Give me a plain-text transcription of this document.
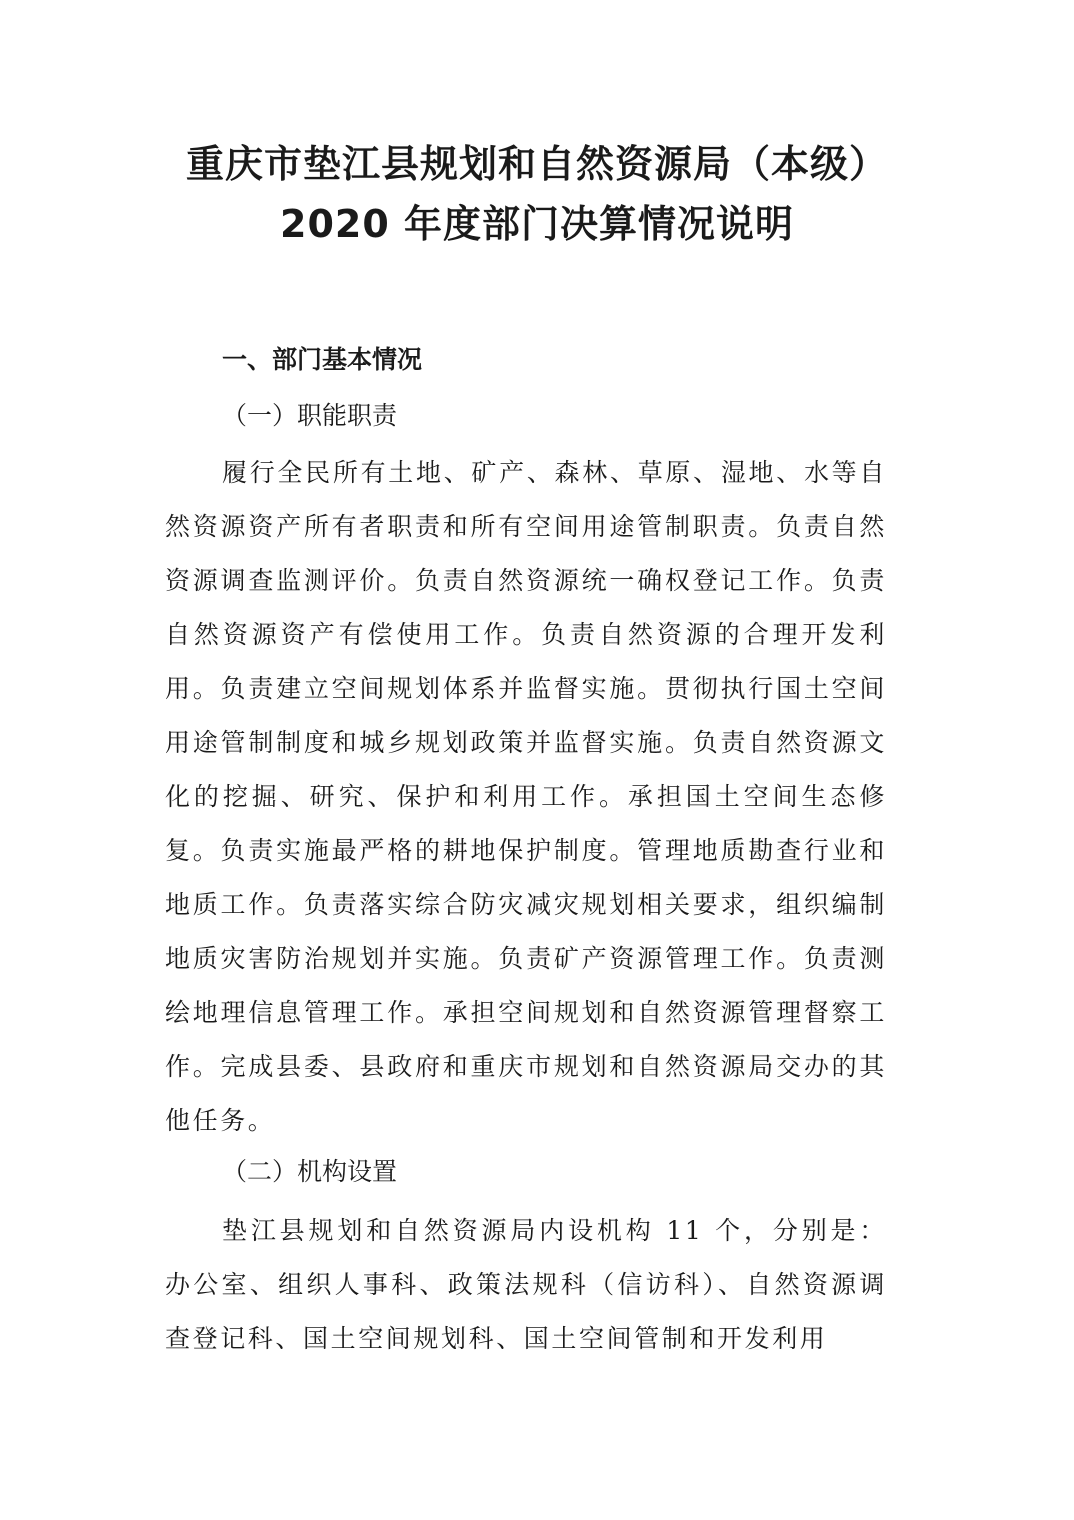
重庆市垫江县规划和自然资源局（本级）
2020 年度部门决算情况说明
一、部门基本情况
（一）职能职责
履行全民所有土地、矿产、森林、草原、湿地、水等自然资源资产所有者职责和所有空间用途管制职责。负责自然资源调查监测评价。负责自然资源统一确权登记工作。负责自然资源资产有偿使用工作。负责自然资源的合理开发利用。负责建立空间规划体系并监督实施。贯彻执行国土空间用途管制制度和城乡规划政策并监督实施。负责自然资源文化的挖掘、研究、保护和利用工作。承担国土空间生态修复。负责实施最严格的耕地保护制度。管理地质勘查行业和地质工作。负责落实综合防灾减灾规划相关要求，组织编制地质灾害防治规划并实施。负责矿产资源管理工作。负责测绘地理信息管理工作。承担空间规划和自然资源管理督察工作。完成县委、县政府和重庆市规划和自然资源局交办的其他任务。
（二）机构设置
垫江县规划和自然资源局内设机构 11 个，分别是：办公室、组织人事科、政策法规科（信访科）、自然资源调查登记科、国土空间规划科、国土空间管制和开发利用
